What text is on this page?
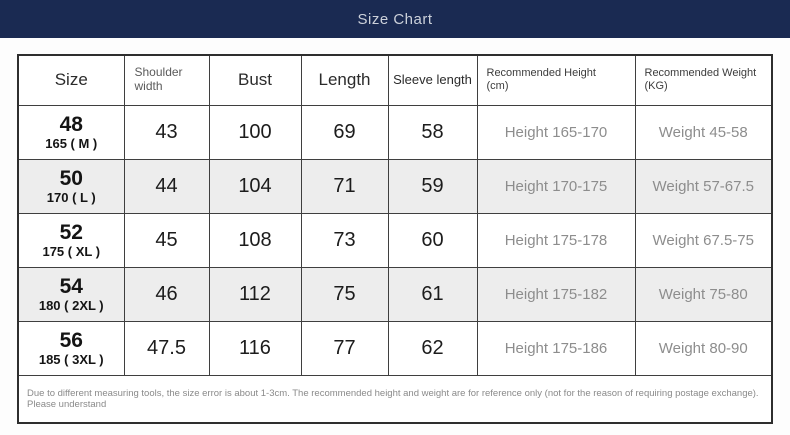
Size Chart
Size	Shoulder width	Bust	Length	Sleeve length	Recommended Height (cm)	Recommended Weight (KG)

48
165 ( M )	43	100	69	58	Height 165-170	Weight 45-58

50
170 ( L )	44	104	71	59	Height 170-175	Weight 57-67.5

52
175 ( XL )	45	108	73	60	Height 175-178	Weight 67.5-75

54
180 ( 2XL )	46	112	75	61	Height 175-182	Weight 75-80

56
185 ( 3XL )	47.5	116	77	62	Height 175-186	Weight 80-90
Due to different measuring tools, the size error is about 1-3cm. The recommended height and weight are for reference only (not for the reason of requiring postage exchange). Please understand						
